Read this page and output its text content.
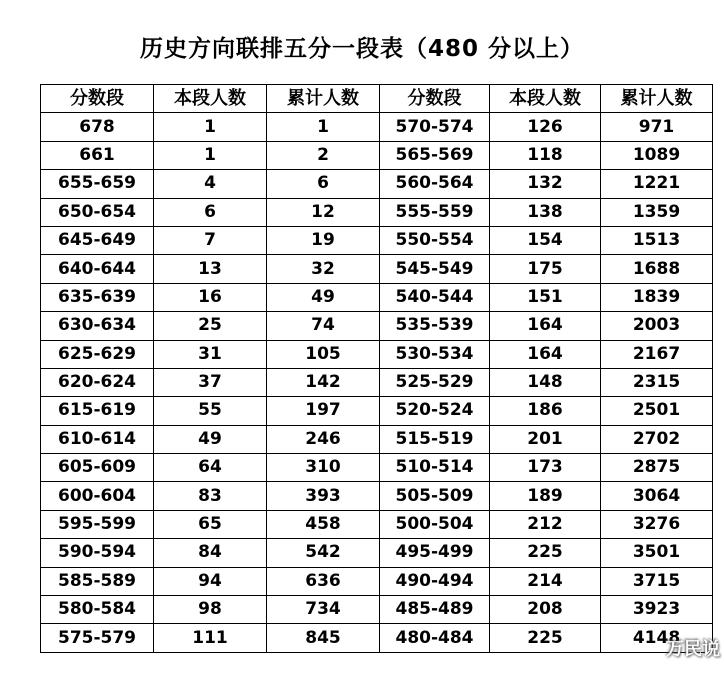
历史方向联排五分一段表（480 分以上）
分数段	本段人数	累计人数	分数段	本段人数	累计人数
678	1	1	570-574	126	971
661	1	2	565-569	118	1089
655-659	4	6	560-564	132	1221
650-654	6	12	555-559	138	1359
645-649	7	19	550-554	154	1513
640-644	13	32	545-549	175	1688
635-639	16	49	540-544	151	1839
630-634	25	74	535-539	164	2003
625-629	31	105	530-534	164	2167
620-624	37	142	525-529	148	2315
615-619	55	197	520-524	186	2501
610-614	49	246	515-519	201	2702
605-609	64	310	510-514	173	2875
600-604	83	393	505-509	189	3064
595-599	65	458	500-504	212	3276
590-594	84	542	495-499	225	3501
585-589	94	636	490-494	214	3715
580-584	98	734	485-489	208	3923
575-579	111	845	480-484	225	4148
万民说
